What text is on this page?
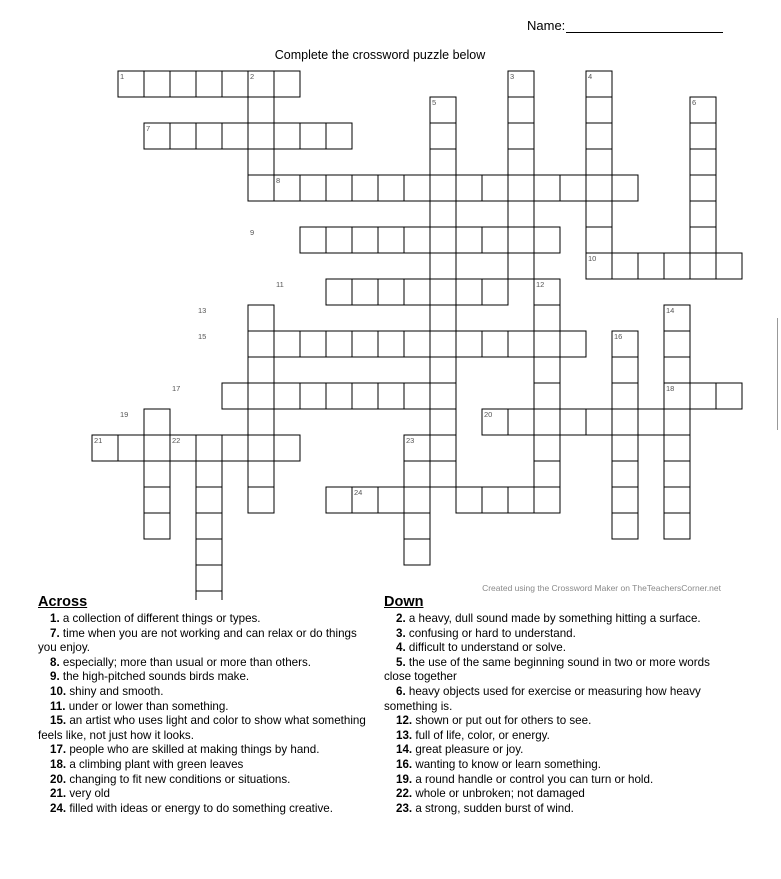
Name:
Complete the crossword puzzle below
1	2	3	4
5	6
7
8
9
10
11	12
13	14
15	16
17	18
19	20
21	22	23
24
Created using the Crossword Maker on TheTeachersCorner.net
Across
1. a collection of different things or types.
7. time when you are not working and can relax or do things you enjoy.
8. especially; more than usual or more than others.
9. the high-pitched sounds birds make.
10. shiny and smooth.
11. under or lower than something.
15. an artist who uses light and color to show what something feels like, not just how it looks.
17. people who are skilled at making things by hand.
18. a climbing plant with green leaves
20. changing to fit new conditions or situations.
21. very old
24. filled with ideas or energy to do something creative.
Down
2. a heavy, dull sound made by something hitting a surface.
3. confusing or hard to understand.
4. difficult to understand or solve.
5. the use of the same beginning sound in two or more words close together
6. heavy objects used for exercise or measuring how heavy something is.
12. shown or put out for others to see.
13. full of life, color, or energy.
14. great pleasure or joy.
16. wanting to know or learn something.
19. a round handle or control you can turn or hold.
22. whole or unbroken; not damaged
23. a strong, sudden burst of wind.
